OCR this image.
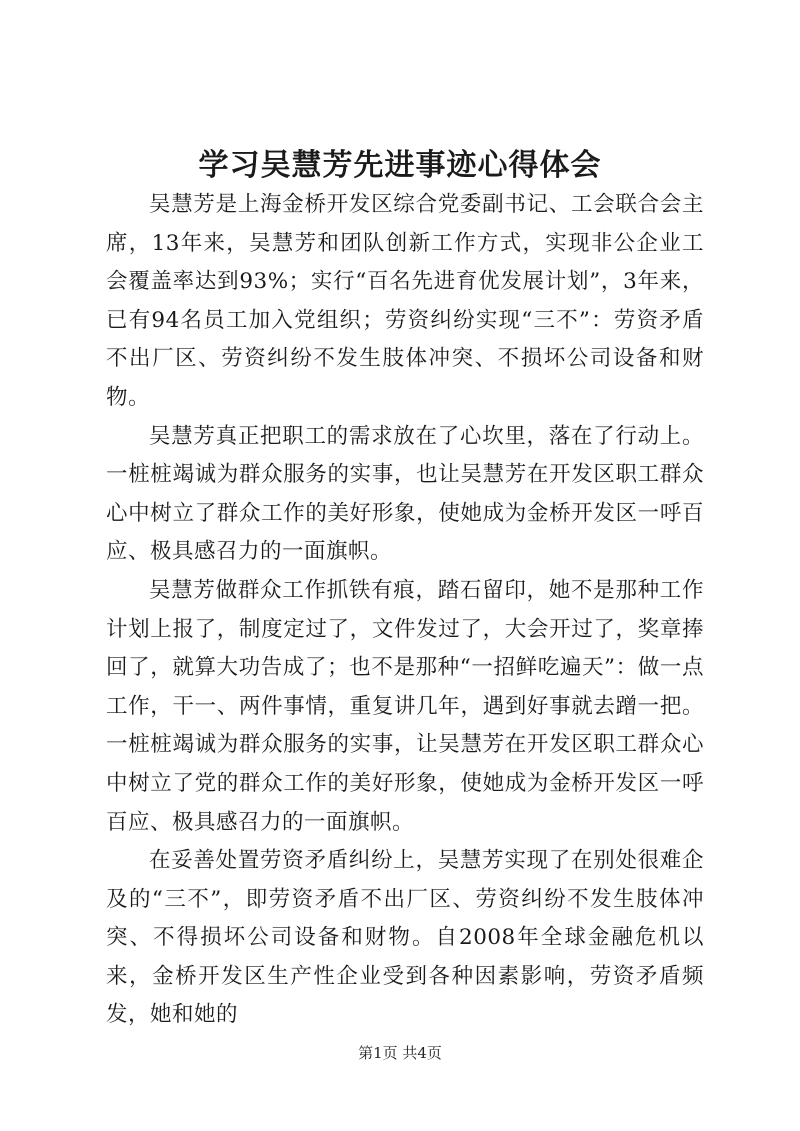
学习吴慧芳先进事迹心得体会

吴慧芳是上海金桥开发区综合党委副书记、工会联合会主席，13年来，吴慧芳和团队创新工作方式，实现非公企业工会覆盖率达到93%；实行“百名先进育优发展计划”，3年来，已有94名员工加入党组织；劳资纠纷实现“三不”：劳资矛盾不出厂区、劳资纠纷不发生肢体冲突、不损坏公司设备和财物。

吴慧芳真正把职工的需求放在了心坎里，落在了行动上。一桩桩竭诚为群众服务的实事，也让吴慧芳在开发区职工群众心中树立了群众工作的美好形象，使她成为金桥开发区一呼百应、极具感召力的一面旗帜。

吴慧芳做群众工作抓铁有痕，踏石留印，她不是那种工作计划上报了，制度定过了，文件发过了，大会开过了，奖章捧回了，就算大功告成了；也不是那种“一招鲜吃遍天”：做一点工作，干一、两件事情，重复讲几年，遇到好事就去蹭一把。一桩桩竭诚为群众服务的实事，让吴慧芳在开发区职工群众心中树立了党的群众工作的美好形象，使她成为金桥开发区一呼百应、极具感召力的一面旗帜。

在妥善处置劳资矛盾纠纷上，吴慧芳实现了在别处很难企及的“三不”，即劳资矛盾不出厂区、劳资纠纷不发生肢体冲突、不得损坏公司设备和财物。自2008年全球金融危机以来，金桥开发区生产性企业受到各种因素影响，劳资矛盾频发，她和她的

第1页 共4页
